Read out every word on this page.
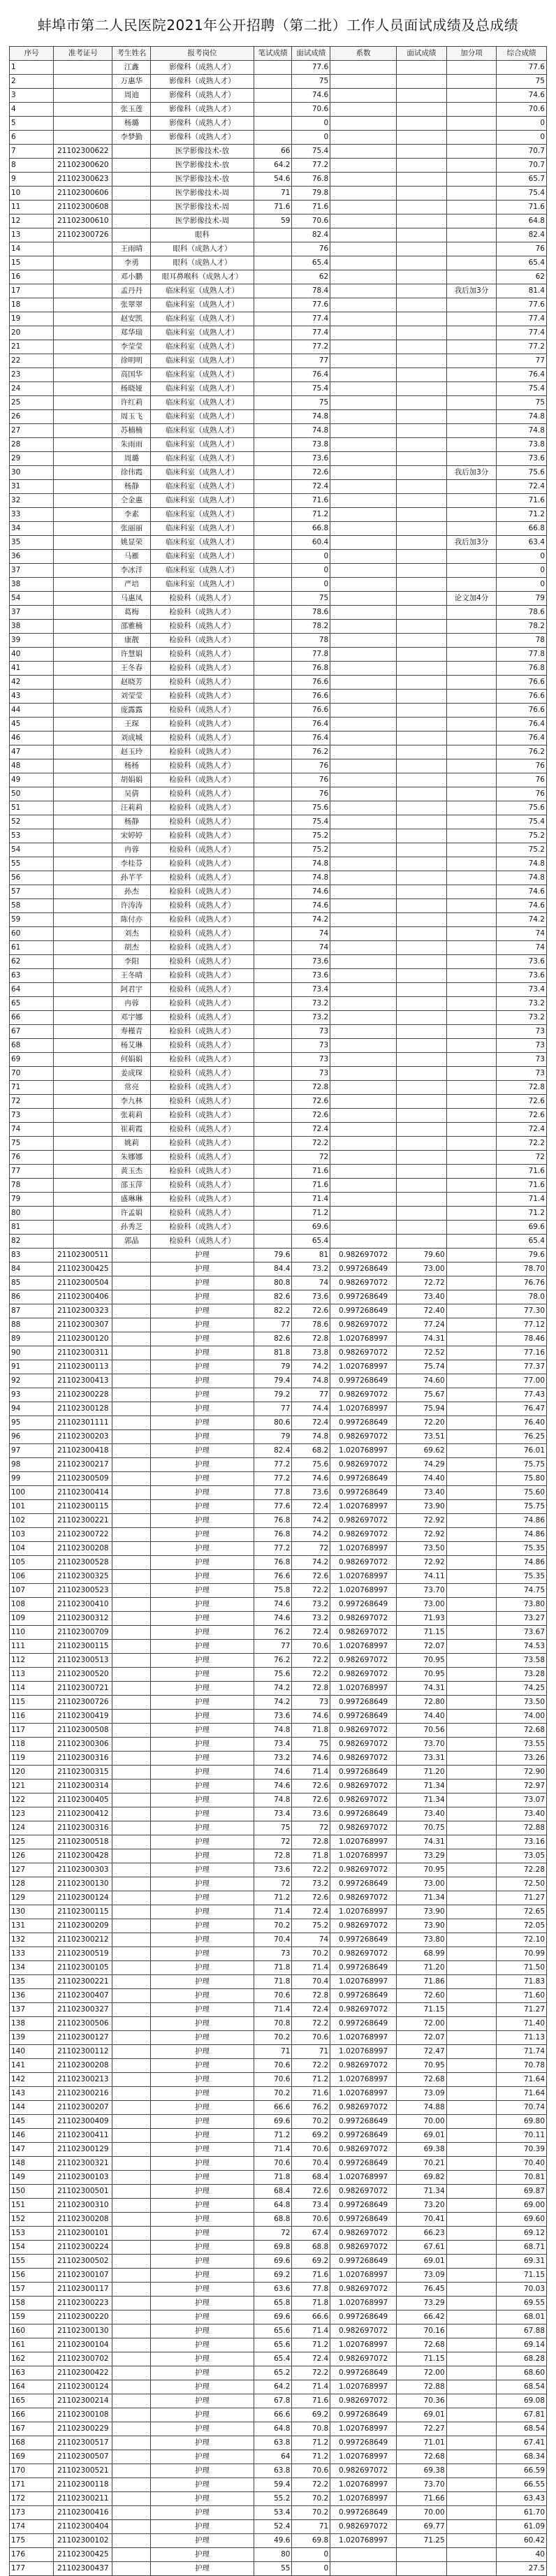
蚌埠市第二人民医院2021年公开招聘（第二批）工作人员面试成绩及总成绩
序号	准考证号	考生姓名	报考岗位	笔试成绩	面试成绩	系数	面试成绩	加分项	综合成绩
1		江鑫	影像科（成熟人才）		77.6				77.6
2		万惠华	影像科（成熟人才）		75				75
3		周迪	影像科（成熟人才）		74.6				74.6
4		张玉莲	影像科（成熟人才）		70.6				70.6
5		杨璐	影像科（成熟人才）		0				0
6		李梦勤	影像科（成熟人才）		0				0
7	21102300622		医学影像技术-放	66	75.4				70.7
8	21102300620		医学影像技术-放	64.2	77.2				70.7
9	21102300623		医学影像技术-放	54.6	76.8				65.7
10	21102300606		医学影像技术-周	71	79.8				75.4
11	21102300608		医学影像技术-周	71.6	71.6				71.6
12	21102300610		医学影像技术-周	59	70.6				64.8
13	21102300726		眼科		82.4				82.4
14		王雨晴	眼科（成熟人才）		76				76
15		李勇	眼科（成熟人才）		65.4				65.4
16		邓小鹏	眼耳鼻喉科（成熟人才）		62				62
17		孟丹丹	临床科室（成熟人才）		78.4			我后加3分	81.4
18		张翠翠	临床科室（成熟人才）		77.6				77.6
19		赵安凯	临床科室（成熟人才）		77.4				77.4
20		郑华瑞	临床科室（成熟人才）		77.4				77.4
21		李莹莹	临床科室（成熟人才）		77.2				77.2
22		徐明明	临床科室（成熟人才）		77				77
23		高国华	临床科室（成熟人才）		76.4				76.4
24		杨晓娅	临床科室（成熟人才）		75.4				75.4
25		许红莉	临床科室（成熟人才）		75				75
26		周玉飞	临床科室（成熟人才）		74.8				74.8
27		苏楠楠	临床科室（成熟人才）		74.8				74.8
28		朱雨雨	临床科室（成熟人才）		73.8				73.8
29		周璐	临床科室（成熟人才）		73.6				73.6
30		徐伟霞	临床科室（成熟人才）		72.6			我后加3分	75.6
31		杨静	临床科室（成熟人才）		72.4				72.4
32		仝金惠	临床科室（成熟人才）		71.6				71.6
33		李素	临床科室（成熟人才）		71.2				71.2
34		张丽丽	临床科室（成熟人才）		66.8				66.8
35		姚显荣	临床科室（成熟人才）		60.4			我后加3分	63.4
36		马雁	临床科室（成熟人才）		0				0
37		李冰洋	临床科室（成熟人才）		0				0
38		严培	临床科室（成熟人才）		0				0
54		马惠凤	检验科（成熟人才）		75			论文加4分	79
37		葛梅	检验科（成熟人才）		78.6				78.6
38		邵雅楠	检验科（成熟人才）		78.2				78.2
39		康靓	检验科（成熟人才）		78				78
40		许慧娟	检验科（成熟人才）		77.8				77.8
41		王冬春	检验科（成熟人才）		76.8				76.8
42		赵晓芳	检验科（成熟人才）		76.6				76.6
43		刘莹莹	检验科（成熟人才）		76.6				76.6
44		庞露露	检验科（成熟人才）		76.6				76.6
45		王琛	检验科（成熟人才）		76.4				76.4
46		刘成城	检验科（成熟人才）		76.4				76.4
47		赵玉玲	检验科（成熟人才）		76.2				76.2
48		杨杨	检验科（成熟人才）		76				76
49		胡娟娟	检验科（成熟人才）		76				76
50		吴倩	检验科（成熟人才）		76				76
51		汪莉莉	检验科（成熟人才）		75.6				75.6
52		杨静	检验科（成熟人才）		75.4				75.4
53		宋婷婷	检验科（成熟人才）		75.2				75.2
54		冉蓉	检验科（成熟人才）		75.2				75.2
55		李桂芬	检验科（成熟人才）		74.8				74.8
56		孙芊芊	检验科（成熟人才）		74.8				74.8
57		孙杰	检验科（成熟人才）		74.6				74.6
58		许涛涛	检验科（成熟人才）		74.6				74.6
59		陈付亦	检验科（成熟人才）		74.2				74.2
60		刘杰	检验科（成熟人才）		74				74
61		胡杰	检验科（成熟人才）		74				74
62		李阳	检验科（成熟人才）		73.6				73.6
63		王冬晴	检验科（成熟人才）		73.6				73.6
64		阿君宇	检验科（成熟人才）		73.4				73.4
65		冉蓉	检验科（成熟人才）		73.2				73.2
66		邓宇娜	检验科（成熟人才）		73.2				73.2
67		寿槿青	检验科（成熟人才）		73				73
68		杨艾琳	检验科（成熟人才）		73				73
69		何娟娟	检验科（成熟人才）		73				73
70		姜成琛	检验科（成熟人才）		73				73
71		常亮	检验科（成熟人才）		72.8				72.8
72		李九林	检验科（成熟人才）		72.6				72.6
73		张莉莉	检验科（成熟人才）		72.6				72.6
74		崔莉霞	检验科（成熟人才）		72.4				72.4
75		姚莉	检验科（成熟人才）		72.2				72.2
76		朱娜娜	检验科（成熟人才）		72				72
77		黄玉杰	检验科（成熟人才）		71.6				71.6
78		邵玉萍	检验科（成熟人才）		71.6				71.6
79		盛琳琳	检验科（成熟人才）		71.4				71.4
80		许孟娟	检验科（成熟人才）		71.2				71.2
81		孙秀芝	检验科（成熟人才）		69.6				69.6
82		郭晶	检验科（成熟人才）		65.4				65.4
83	21102300511		护理	79.6	81	0.982697072	79.60		79.6
84	21102300425		护理	84.4	73.2	0.997268649	73.00		78.70
85	21102300504		护理	80.8	74	0.982697072	72.72		76.76
86	21102300406		护理	82.6	73.6	0.997268649	73.40		78.0
87	21102300323		护理	82.2	72.6	0.997268649	72.40		77.30
88	21102300307		护理	77	78.6	0.982697072	77.24		77.12
89	21102300120		护理	82.6	72.8	1.020768997	74.31		78.46
90	21102300311		护理	81.8	73.8	0.982697072	72.52		77.16
91	21102300113		护理	79	74.2	1.020768997	75.74		77.37
92	21102300413		护理	79.4	74.8	0.997268649	74.60		77.00
93	21102300228		护理	79.2	77	0.982697072	75.67		77.43
94	21102300128		护理	77	74.4	1.020768997	75.94		76.47
95	21102301111		护理	80.6	72.4	0.997268649	72.20		76.40
96	21102300203		护理	79	74.8	0.982697072	73.51		76.25
97	21102300418		护理	82.4	68.2	1.020768997	69.62		76.01
98	21102300217		护理	77.2	75.6	0.982697072	74.29		75.75
99	21102300509		护理	77.2	74.6	0.997268649	74.40		75.80
100	21102300414		护理	77.8	73.6	0.997268649	73.40		75.60
101	21102300115		护理	77.6	72.4	1.020768997	73.90		75.75
102	21102300221		护理	76.8	74.2	0.982697072	72.92		74.86
103	21102300722		护理	76.8	74.2	0.982697072	72.92		74.86
104	21102300208		护理	77.2	72	1.020768997	73.50		75.35
105	21102300528		护理	76.8	74.2	0.982697072	72.92		74.86
106	21102300325		护理	76.6	72.6	1.020768997	74.11		75.35
107	21102300523		护理	75.8	72.2	1.020768997	73.70		74.75
108	21102300410		护理	74.6	73.2	0.997268649	73.00		73.80
109	21102300312		护理	74.6	73.2	0.982697072	71.93		73.27
110	21102300709		护理	76.2	72.4	0.982697072	71.15		73.67
111	21102300115		护理	77	70.6	1.020768997	72.07		74.53
112	21102300513		护理	76.2	72.2	0.982697072	70.95		73.58
113	21102300520		护理	75.6	72.2	0.982697072	70.95		73.28
114	21102300721		护理	74.2	72.8	1.020768997	74.31		74.25
115	21102300726		护理	74.2	73	0.997268649	72.80		73.50
116	21102300419		护理	73.6	74.6	0.997268649	74.40		74.00
117	21102300508		护理	74.8	71.8	0.982697072	70.56		72.68
118	21102300306		护理	73.4	75	0.982697072	73.70		73.55
119	21102300316		护理	73.2	74.6	0.982697072	73.31		73.26
120	21102300315		护理	74.6	71.4	0.997268649	71.20		72.90
121	21102300314		护理	74.6	72.6	0.982697072	71.34		72.97
122	21102300405		护理	74.8	72.6	0.982697072	71.34		73.07
123	21102300412		护理	73.4	73.6	0.997268649	73.40		73.40
124	21102300316		护理	75	72	0.982697072	70.75		72.88
125	21102300518		护理	72	72.8	1.020768997	74.31		73.16
126	21102300428		护理	72.8	71.8	1.020768997	73.29		73.05
127	21102300303		护理	73.6	72.2	0.982697072	70.95		72.28
128	21102300130		护理	72	73.2	0.997268649	73.00		72.50
129	21102300124		护理	71.2	72.6	0.982697072	71.34		71.27
130	21102300115		护理	71.4	72.4	1.020768997	73.90		72.65
131	21102300209		护理	70.2	75.2	0.982697072	73.90		72.05
132	21102300212		护理	70.4	74	0.997268649	73.80		72.10
133	21102300519		护理	73	70.2	0.982697072	68.99		70.99
134	21102300105		护理	71.8	71.4	0.997268649	71.20		71.50
135	21102300221		护理	71.8	70.4	1.020768997	71.86		71.83
136	21102300407		护理	70.6	72.8	0.997268649	72.60		71.60
137	21102300327		护理	71.4	72.4	0.982697072	71.15		71.27
138	21102300506		护理	70.8	72.2	0.997268649	72.00		71.40
139	21102300127		护理	70.2	70.6	1.020768997	72.07		71.13
140	21102300112		护理	71	71	1.020768997	72.47		71.74
141	21102300208		护理	70.6	72.2	0.982697072	70.95		70.78
142	21102300213		护理	70.6	71.2	1.020768997	72.68		71.64
143	21102300216		护理	70.2	71.6	1.020768997	73.09		71.64
144	21102300207		护理	66.6	76.2	0.982697072	74.88		70.74
145	21102300409		护理	69.6	70.2	0.997268649	70.00		69.80
146	21102300411		护理	71.2	69.2	0.997268649	69.01		70.11
147	21102300129		护理	71.4	70.6	0.982697072	69.38		70.39
148	21102300321		护理	70.6	70.4	0.997268649	70.21		70.40
149	21102300103		护理	71.8	68.4	1.020768997	69.82		70.81
150	21102300501		护理	68.4	72.6	0.982697072	71.34		69.87
151	21102300310		护理	64.8	73.4	0.997268649	73.20		69.00
152	21102300208		护理	68.8	70.6	0.997268649	70.41		69.60
153	21102300101		护理	72	67.4	0.982697072	66.23		69.12
154	21102300224		护理	69.8	68.8	0.982697072	67.61		68.71
155	21102300502		护理	69.6	69.2	0.997268649	69.01		69.31
156	21102300107		护理	69.2	71.6	1.020768997	73.09		71.15
157	21102300117		护理	63.6	77.8	0.982697072	76.45		70.03
158	21102300223		护理	65.8	71.8	1.020768997	73.29		69.55
159	21102300220		护理	69.6	66.6	0.997268649	66.42		68.01
160	21102300130		护理	65.6	71.4	0.982697072	70.16		67.88
161	21102300104		护理	65.6	71.2	1.020768997	72.68		69.14
162	21102300702		护理	65.4	72.4	0.982697072	71.15		68.28
163	21102300422		护理	65.2	72.2	0.997268649	72.00		68.60
164	21102300124		护理	64.2	71.4	1.020768997	72.88		68.54
165	21102300214		护理	67.8	71.6	0.982697072	70.36		69.08
166	21102300108		护理	66.6	69.2	0.997268649	69.01		67.81
167	21102300229		护理	64.8	70.8	1.020768997	72.27		68.54
168	21102300517		护理	63.8	71.2	0.997268649	71.01		67.41
169	21102300507		护理	64	71.2	1.020768997	72.68		68.34
170	21102300521		护理	63.8	70.6	0.982697072	69.38		66.59
171	21102300118		护理	59.4	72.2	1.020768997	73.70		66.55
172	21102300211		护理	55.2	70.2	1.020768997	71.66		63.43
173	21102300416		护理	53.4	70.2	0.997268649	70.00		61.70
174	21102300404		护理	52.4	71	0.982697072	69.77		61.09
175	21102300102		护理	49.6	69.8	1.020768997	71.25		60.42
176	21102300425		护理	80	0				40
177	21102300437		护理	55	0				27.5
